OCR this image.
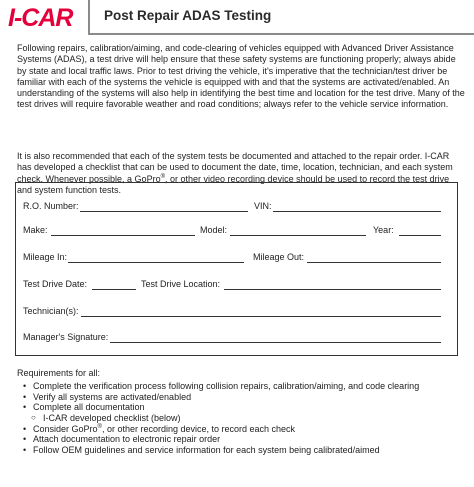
I-CAR Post Repair ADAS Testing
Following repairs, calibration/aiming, and code-clearing of vehicles equipped with Advanced Driver Assistance Systems (ADAS), a test drive will help ensure that these safety systems are functioning properly; always abide by state and local traffic laws. Prior to test driving the vehicle, it's imperative that the technician/test driver be familiar with each of the systems the vehicle is equipped with and that the systems are activated/enabled. An understanding of the systems will also help in identifying the best time and location for the test drive. Many of the test drives will require favorable weather and road conditions; always refer to the vehicle service information.
It is also recommended that each of the system tests be documented and attached to the repair order. I-CAR has developed a checklist that can be used to document the date, time, location, technician, and each system check. Whenever possible, a GoPro®, or other video recording device should be used to record the test drive and system function tests.
R.O. Number:	VIN:
Make:	Model:	Year:
Mileage In:	Mileage Out:
Test Drive Date:	Test Drive Location:
Technician(s):
Manager's Signature:
Requirements for all:
• Complete the verification process following collision repairs, calibration/aiming, and code clearing
• Verify all systems are activated/enabled
• Complete all documentation
○ I-CAR developed checklist (below)
• Consider GoPro®, or other recording device, to record each check
• Attach documentation to electronic repair order
• Follow OEM guidelines and service information for each system being calibrated/aimed
